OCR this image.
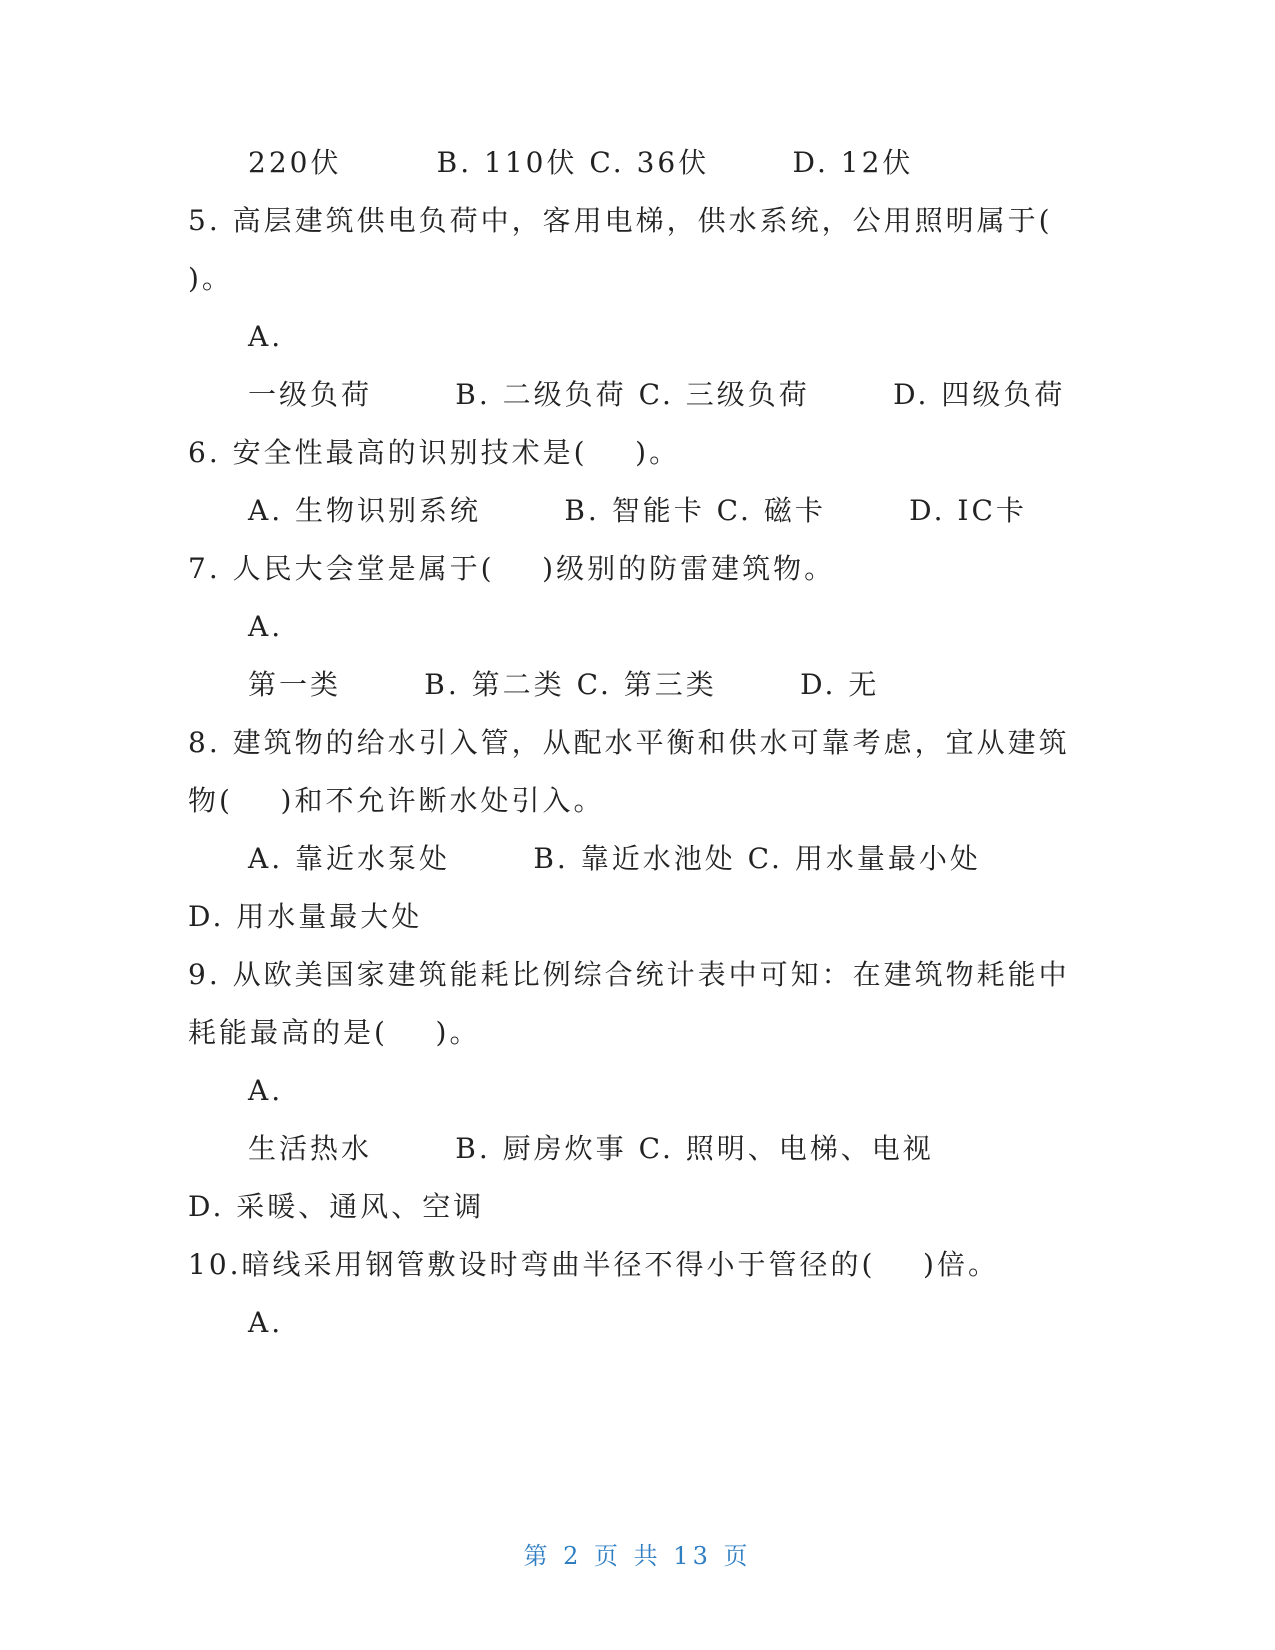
220伏        B. 110伏 C. 36伏       D. 12伏
5. 高层建筑供电负荷中，客用电梯，供水系统，公用照明属于(
)。
A.
一级负荷       B. 二级负荷 C. 三级负荷       D. 四级负荷
6. 安全性最高的识别技术是(    )。
A. 生物识别系统       B. 智能卡 C. 磁卡       D. IC卡
7. 人民大会堂是属于(    )级别的防雷建筑物。
A.
第一类       B. 第二类 C. 第三类       D. 无
8. 建筑物的给水引入管，从配水平衡和供水可靠考虑，宜从建筑
物(    )和不允许断水处引入。
A. 靠近水泵处       B. 靠近水池处 C. 用水量最小处
D. 用水量最大处
9. 从欧美国家建筑能耗比例综合统计表中可知：在建筑物耗能中
耗能最高的是(    )。
A.
生活热水       B. 厨房炊事 C. 照明、电梯、电视
D. 采暖、通风、空调
10.暗线采用钢管敷设时弯曲半径不得小于管径的(    )倍。
A.
第 2 页 共 13 页
